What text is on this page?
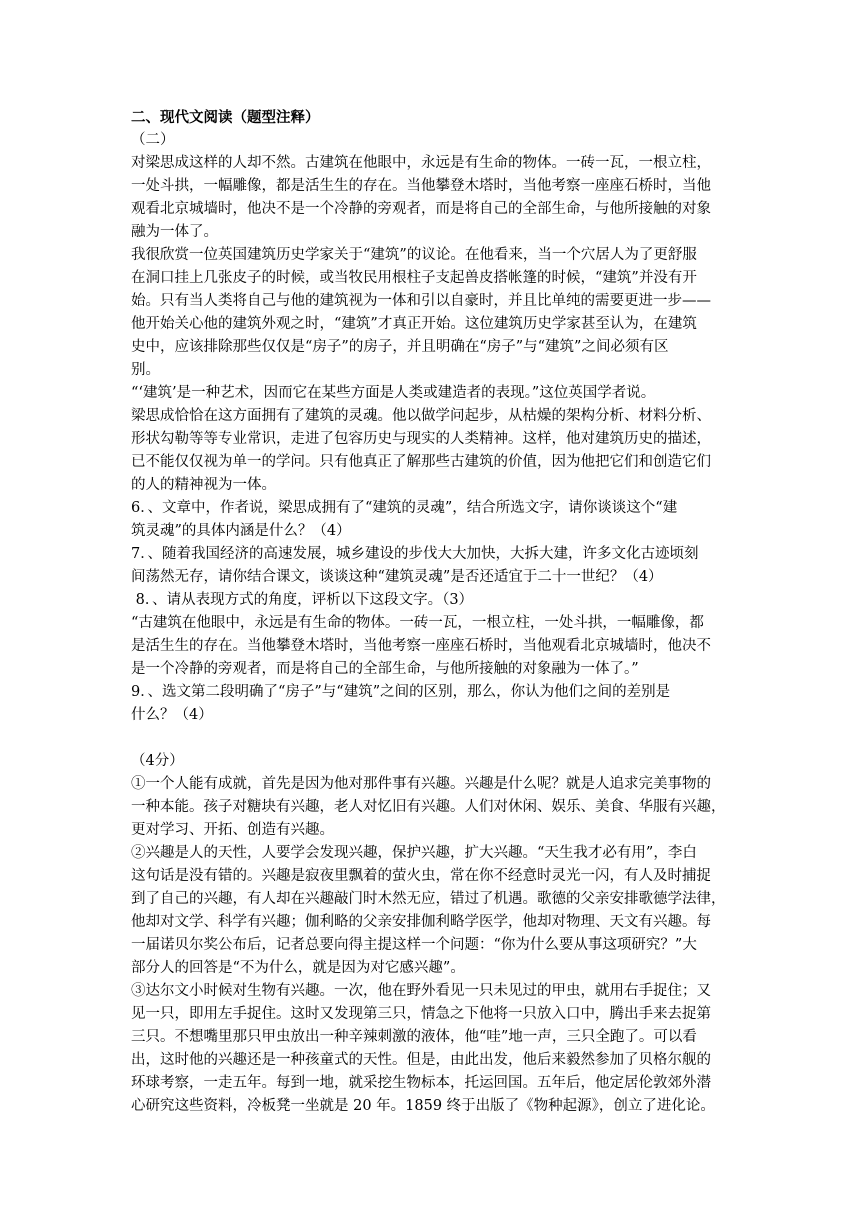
二、现代文阅读（题型注释）

（二）
对梁思成这样的人却不然。古建筑在他眼中，永远是有生命的物体。一砖一瓦，一根立柱，
一处斗拱，一幅雕像，都是活生生的存在。当他攀登木塔时，当他考察一座座石桥时，当他
观看北京城墙时，他决不是一个冷静的旁观者，而是将自己的全部生命，与他所接触的对象
融为一体了。
我很欣赏一位英国建筑历史学家关于“建筑”的议论。在他看来，当一个穴居人为了更舒服
在洞口挂上几张皮子的时候，或当牧民用根柱子支起兽皮搭帐篷的时候，“建筑”并没有开
始。只有当人类将自己与他的建筑视为一体和引以自豪时，并且比单纯的需要更进一步——
他开始关心他的建筑外观之时，“建筑”才真正开始。这位建筑历史学家甚至认为，在建筑
史中，应该排除那些仅仅是“房子”的房子，并且明确在“房子”与“建筑”之间必须有区
别。
“‘建筑’是一种艺术，因而它在某些方面是人类或建造者的表现。”这位英国学者说。
梁思成恰恰在这方面拥有了建筑的灵魂。他以做学问起步，从枯燥的架构分析、材料分析、
形状勾勒等等专业常识，走进了包容历史与现实的人类精神。这样，他对建筑历史的描述，
已不能仅仅视为单一的学问。只有他真正了解那些古建筑的价值，因为他把它们和创造它们
的人的精神视为一体。
6．、文章中，作者说，梁思成拥有了“建筑的灵魂”，结合所选文字，请你谈谈这个“建
筑灵魂”的具体内涵是什么？（4）
7．、随着我国经济的高速发展，城乡建设的步伐大大加快，大拆大建，许多文化古迹顷刻
间荡然无存，请你结合课文，谈谈这种“建筑灵魂”是否还适宜于二十一世纪？（4）
8．、请从表现方式的角度，评析以下这段文字。（3）
“古建筑在他眼中，永远是有生命的物体。一砖一瓦，一根立柱，一处斗拱，一幅雕像，都
是活生生的存在。当他攀登木塔时，当他考察一座座石桥时，当他观看北京城墙时，他决不
是一个冷静的旁观者，而是将自己的全部生命，与他所接触的对象融为一体了。”
9．、选文第二段明确了“房子”与“建筑”之间的区别，那么，你认为他们之间的差别是
什么？（4）
（4分）
①一个人能有成就，首先是因为他对那件事有兴趣。兴趣是什么呢？就是人追求完美事物的
一种本能。孩子对糖块有兴趣，老人对忆旧有兴趣。人们对休闲、娱乐、美食、华服有兴趣，
更对学习、开拓、创造有兴趣。
②兴趣是人的天性，人要学会发现兴趣，保护兴趣，扩大兴趣。“天生我才必有用”，李白
这句话是没有错的。兴趣是寂夜里飘着的萤火虫，常在你不经意时灵光一闪，有人及时捕捉
到了自己的兴趣，有人却在兴趣敲门时木然无应，错过了机遇。歌德的父亲安排歌德学法律，
他却对文学、科学有兴趣；伽利略的父亲安排伽利略学医学，他却对物理、天文有兴趣。每
一届诺贝尔奖公布后，记者总要向得主提这样一个问题：“你为什么要从事这项研究？”大
部分人的回答是“不为什么，就是因为对它感兴趣”。
③达尔文小时候对生物有兴趣。一次，他在野外看见一只未见过的甲虫，就用右手捉住；又
见一只，即用左手捉住。这时又发现第三只，情急之下他将一只放入口中，腾出手来去捉第
三只。不想嘴里那只甲虫放出一种辛辣刺激的液体，他“哇”地一声，三只全跑了。可以看
出，这时他的兴趣还是一种孩童式的天性。但是，由此出发，他后来毅然参加了贝格尔舰的
环球考察，一走五年。每到一地，就采挖生物标本，托运回国。五年后，他定居伦敦郊外潜
心研究这些资料，冷板凳一坐就是 20 年。1859 终于出版了《物种起源》，创立了进化论。
